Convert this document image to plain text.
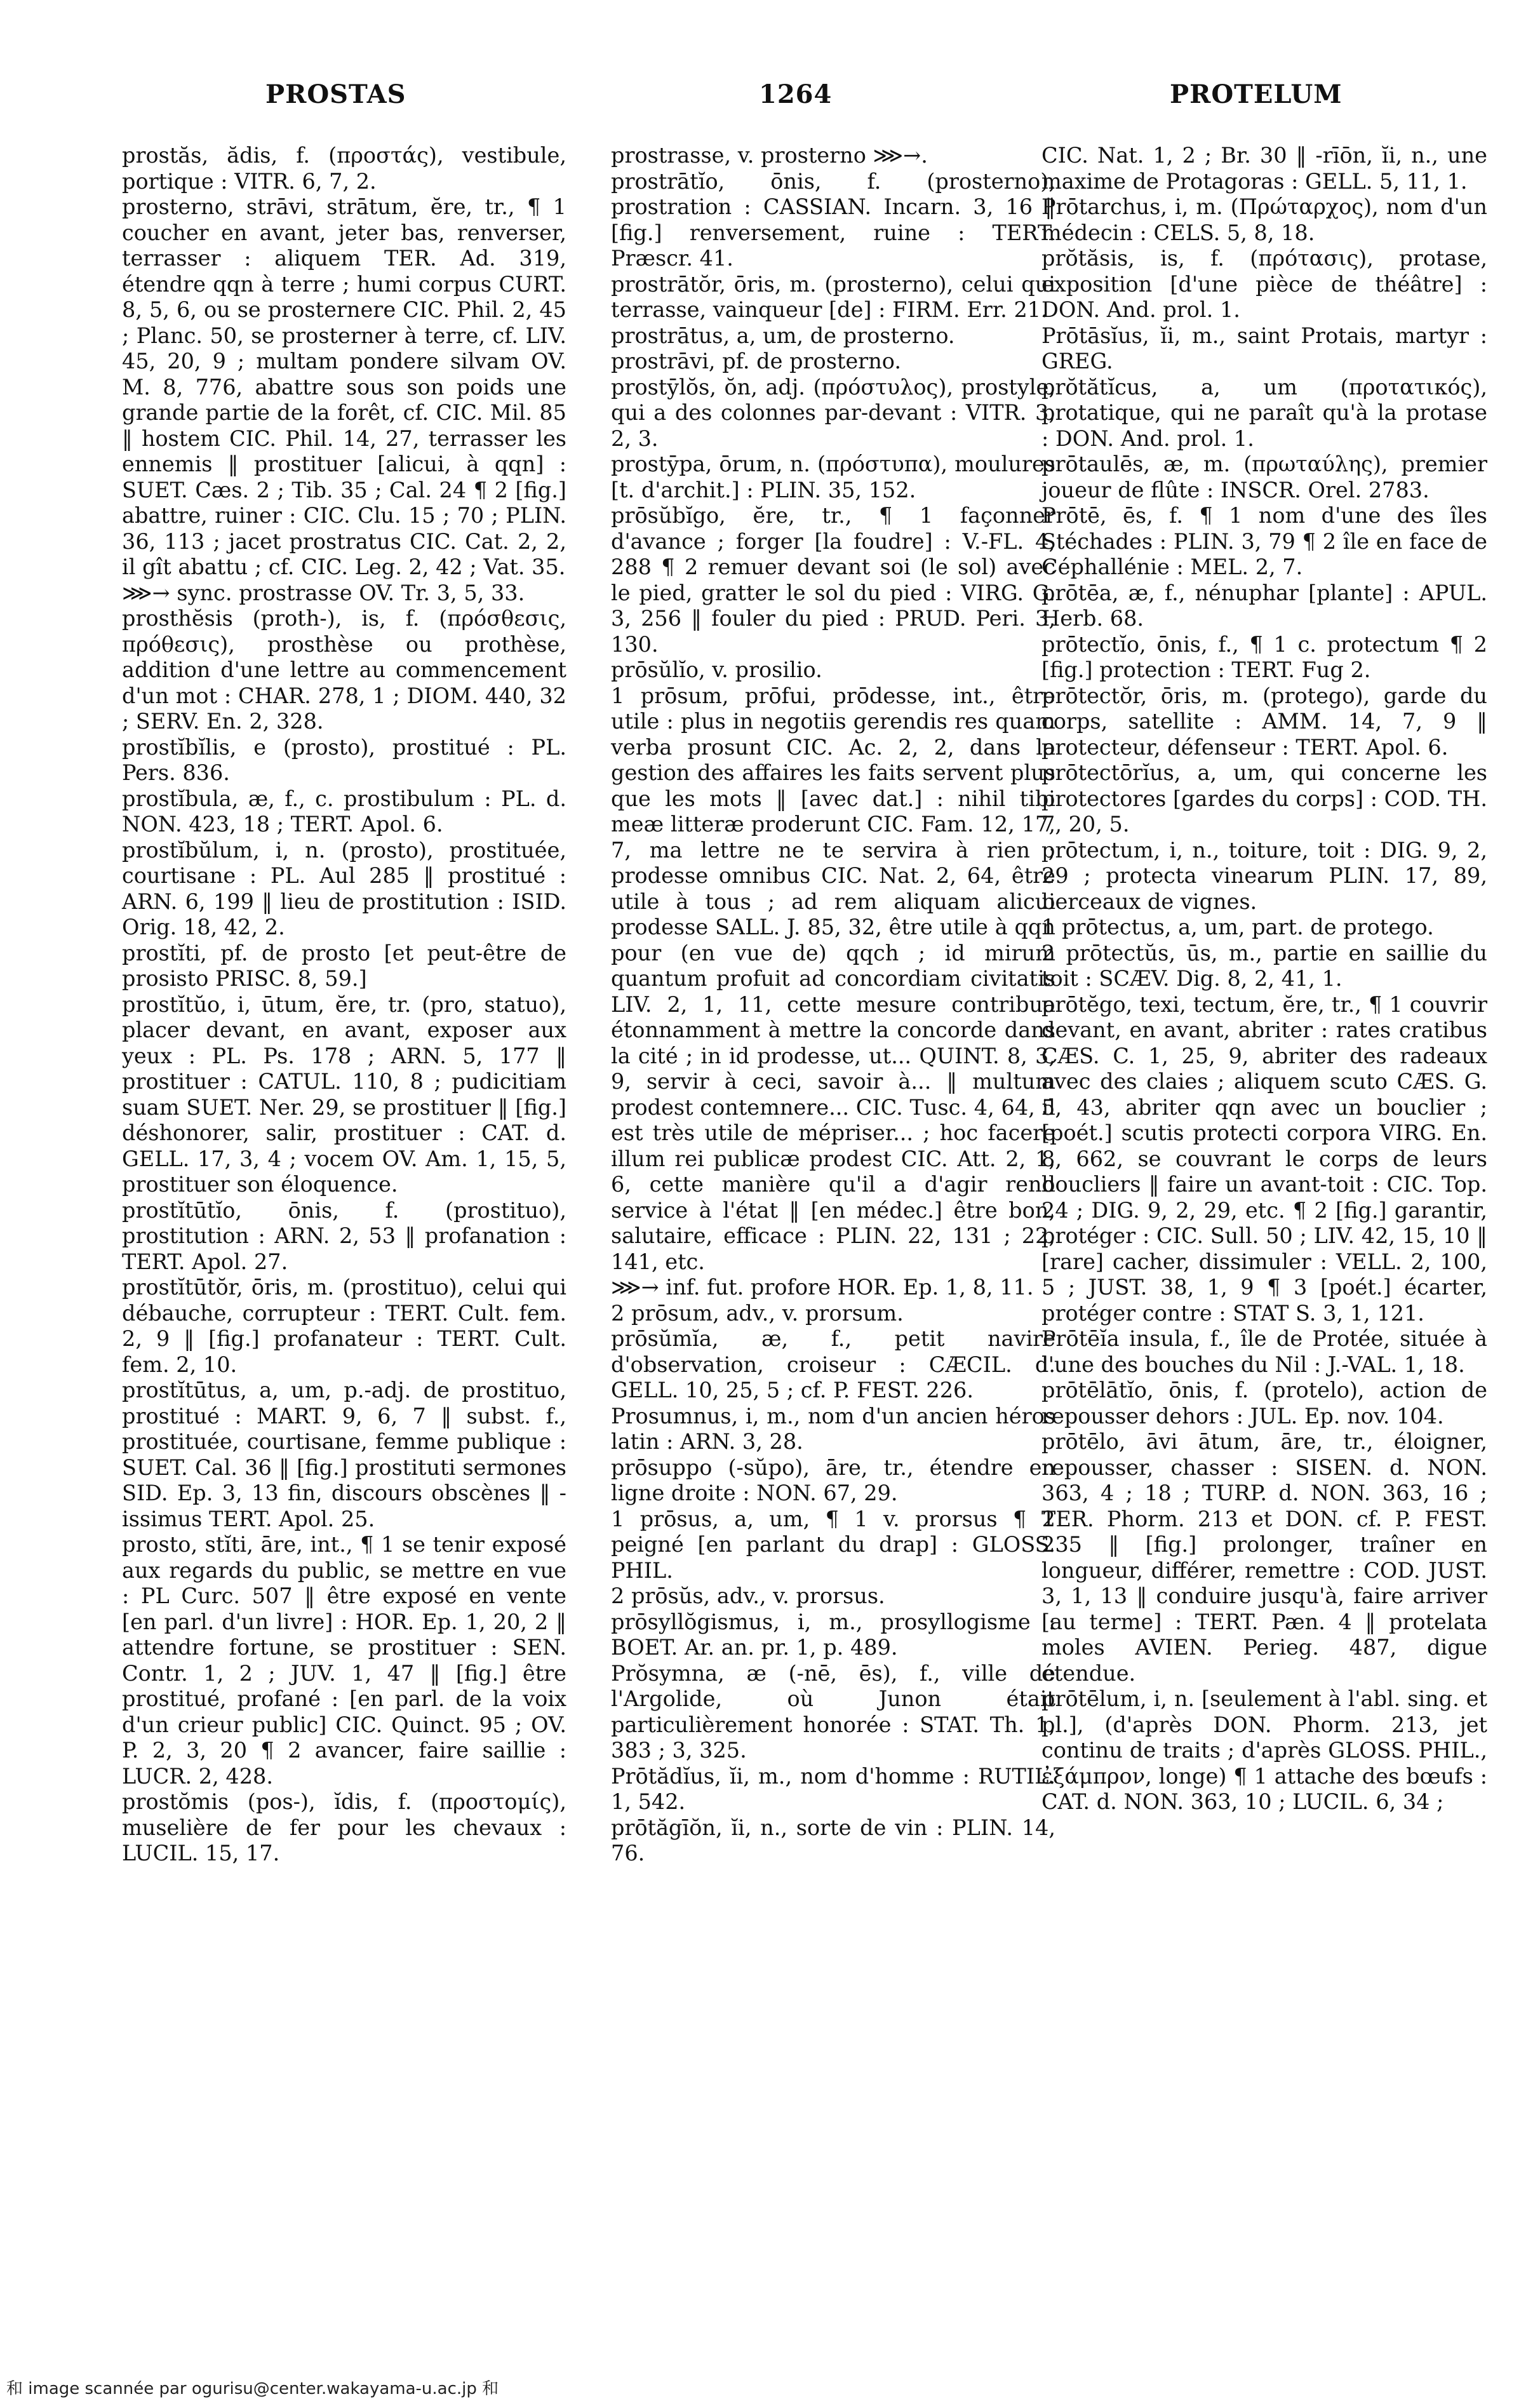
PROSTAS	1264	PROTELUM

prostăs, ădis, f. (προστάς), vestibule, portique : VITR. 6, 7, 2.

prosterno, strāvi, strātum, ĕre, tr., ¶ 1 coucher en avant, jeter bas, renverser, terrasser : aliquem TER. Ad. 319, étendre qqn à terre ; humi corpus CURT. 8, 5, 6, ou se prosternere CIC. Phil. 2, 45 ; Planc. 50, se prosterner à terre, cf. LIV. 45, 20, 9 ; multam pondere silvam OV. M. 8, 776, abattre sous son poids une grande partie de la forêt, cf. CIC. Mil. 85 ‖ hostem CIC. Phil. 14, 27, terrasser les ennemis ‖ prostituer [alicui, à qqn] : SUET. Cæs. 2 ; Tib. 35 ; Cal. 24 ¶ 2 [fig.] abattre, ruiner : CIC. Clu. 15 ; 70 ; PLIN. 36, 113 ; jacet prostratus CIC. Cat. 2, 2, il gît abattu ; cf. CIC. Leg. 2, 42 ; Vat. 35.

⋙→ sync. prostrasse OV. Tr. 3, 5, 33.

prosthĕsis (proth-), is, f. (πρόσθεσις, πρόθεσις), prosthèse ou prothèse, addition d'une lettre au commencement d'un mot : CHAR. 278, 1 ; DIOM. 440, 32 ; SERV. En. 2, 328.

prostĭbĭlis, e (prosto), prostitué : PL. Pers. 836.

prostĭbula, æ, f., c. prostibulum : PL. d. NON. 423, 18 ; TERT. Apol. 6.

prostĭbŭlum, i, n. (prosto), prostituée, courtisane : PL. Aul 285 ‖ prostitué : ARN. 6, 199 ‖ lieu de prostitution : ISID. Orig. 18, 42, 2.

prostĭti, pf. de prosto [et peut-être de prosisto PRISC. 8, 59.]

prostĭtŭo, i, ūtum, ĕre, tr. (pro, statuo), placer devant, en avant, exposer aux yeux : PL. Ps. 178 ; ARN. 5, 177 ‖ prostituer : CATUL. 110, 8 ; pudicitiam suam SUET. Ner. 29, se prostituer ‖ [fig.] déshonorer, salir, prostituer : CAT. d. GELL. 17, 3, 4 ; vocem OV. Am. 1, 15, 5, prostituer son éloquence.

prostĭtūtĭo, ōnis, f. (prostituo), prostitution : ARN. 2, 53 ‖ profanation : TERT. Apol. 27.

prostĭtūtŏr, ōris, m. (prostituo), celui qui débauche, corrupteur : TERT. Cult. fem. 2, 9 ‖ [fig.] profanateur : TERT. Cult. fem. 2, 10.

prostĭtūtus, a, um, p.-adj. de prostituo, prostitué : MART. 9, 6, 7 ‖ subst. f., prostituée, courtisane, femme publique : SUET. Cal. 36 ‖ [fig.] prostituti sermones SID. Ep. 3, 13 fin, discours obscènes ‖ -issimus TERT. Apol. 25.

prosto, stĭti, āre, int., ¶ 1 se tenir exposé aux regards du public, se mettre en vue : PL Curc. 507 ‖ être exposé en vente [en parl. d'un livre] : HOR. Ep. 1, 20, 2 ‖ attendre fortune, se prostituer : SEN. Contr. 1, 2 ; JUV. 1, 47 ‖ [fig.] être prostitué, profané : [en parl. de la voix d'un crieur public] CIC. Quinct. 95 ; OV. P. 2, 3, 20 ¶ 2 avancer, faire saillie : LUCR. 2, 428.

prostŏmis (pos-), ĭdis, f. (προστομίς), muselière de fer pour les chevaux : LUCIL. 15, 17.

prostrasse, v. prosterno ⋙→.

prostrātĭo, ōnis, f. (prosterno), prostration : CASSIAN. Incarn. 3, 16 ‖ [fig.] renversement, ruine : TERT. Præscr. 41.

prostrātŏr, ōris, m. (prosterno), celui qui terrasse, vainqueur [de] : FIRM. Err. 21.

prostrātus, a, um, de prosterno.

prostrāvi, pf. de prosterno.

prostȳlŏs, ŏn, adj. (πρόστυλος), prostyle, qui a des colonnes par-devant : VITR. 3, 2, 3.

prostȳpa, ōrum, n. (πρόστυπα), moulures [t. d'archit.] : PLIN. 35, 152.

prōsŭbĭgo, ĕre, tr., ¶ 1 façonner d'avance ; forger [la foudre] : V.-FL. 4, 288 ¶ 2 remuer devant soi (le sol) avec le pied, gratter le sol du pied : VIRG. G. 3, 256 ‖ fouler du pied : PRUD. Peri. 3, 130.

prōsŭlĭo, v. prosilio.

1 prōsum, prōfui, prōdesse, int., être utile : plus in negotiis gerendis res quam verba prosunt CIC. Ac. 2, 2, dans la gestion des affaires les faits servent plus que les mots ‖ [avec dat.] : nihil tibi meæ litteræ proderunt CIC. Fam. 12, 17, 7, ma lettre ne te servira à rien ; prodesse omnibus CIC. Nat. 2, 64, être utile à tous ; ad rem aliquam alicui prodesse SALL. J. 85, 32, être utile à qqn pour (en vue de) qqch ; id mirum quantum profuit ad concordiam civitatis LIV. 2, 1, 11, cette mesure contribua étonnamment à mettre la concorde dans la cité ; in id prodesse, ut... QUINT. 8, 3, 9, servir à ceci, savoir à... ‖ multum prodest contemnere... CIC. Tusc. 4, 64, il est très utile de mépriser... ; hoc facere illum rei publicæ prodest CIC. Att. 2, 1, 6, cette manière qu'il a d'agir rend service à l'état ‖ [en médec.] être bon, salutaire, efficace : PLIN. 22, 131 ; 22, 141, etc.

⋙→ inf. fut. profore HOR. Ep. 1, 8, 11.

2 prōsum, adv., v. prorsum.

prōsŭmĭa, æ, f., petit navire d'observation, croiseur : CÆCIL. d. GELL. 10, 25, 5 ; cf. P. FEST. 226.

Prosumnus, i, m., nom d'un ancien héros latin : ARN. 3, 28.

prōsuppo (-sŭpo), āre, tr., étendre en ligne droite : NON. 67, 29.

1 prōsus, a, um, ¶ 1 v. prorsus ¶ 2 peigné [en parlant du drap] : GLOSS. PHIL.

2 prōsŭs, adv., v. prorsus.

prōsyllŏgismus, i, m., prosyllogisme : BOET. Ar. an. pr. 1, p. 489.

Prŏsymna, æ (-nē, ēs), f., ville de l'Argolide, où Junon était particulièrement honorée : STAT. Th. 1, 383 ; 3, 325.

Prōtădĭus, ĭi, m., nom d'homme : RUTIL. 1, 542.

prōtăgīŏn, ĭi, n., sorte de vin : PLIN. 14, 76.

CIC. Nat. 1, 2 ; Br. 30 ‖ -rīōn, ĭi, n., une maxime de Protagoras : GELL. 5, 11, 1.

Prōtarchus, i, m. (Πρώταρχος), nom d'un médecin : CELS. 5, 8, 18.

prŏtăsis, is, f. (πρότασις), protase, exposition [d'une pièce de théâtre] : DON. And. prol. 1.

Prōtāsĭus, ĭi, m., saint Protais, martyr : GREG.

prŏtătĭcus, a, um (προτατικός), protatique, qui ne paraît qu'à la protase : DON. And. prol. 1.

prōtaulēs, æ, m. (πρωταύλης), premier joueur de flûte : INSCR. Orel. 2783.

Prōtē, ēs, f. ¶ 1 nom d'une des îles Stéchades : PLIN. 3, 79 ¶ 2 île en face de Céphallénie : MEL. 2, 7.

prōtēa, æ, f., nénuphar [plante] : APUL. Herb. 68.

prōtectĭo, ōnis, f., ¶ 1 c. protectum ¶ 2 [fig.] protection : TERT. Fug 2.

prōtectŏr, ōris, m. (protego), garde du corps, satellite : AMM. 14, 7, 9 ‖ protecteur, défenseur : TERT. Apol. 6.

prōtectōrĭus, a, um, qui concerne les protectores [gardes du corps] : COD. TH. 7, 20, 5.

prōtectum, i, n., toiture, toit : DIG. 9, 2, 29 ; protecta vinearum PLIN. 17, 89, berceaux de vignes.

1 prōtectus, a, um, part. de protego.

2 prōtectŭs, ūs, m., partie en saillie du toit : SCÆV. Dig. 8, 2, 41, 1.

prōtĕgo, texi, tectum, ĕre, tr., ¶ 1 couvrir devant, en avant, abriter : rates cratibus CÆS. C. 1, 25, 9, abriter des radeaux avec des claies ; aliquem scuto CÆS. G. 5, 43, abriter qqn avec un bouclier ; [poét.] scutis protecti corpora VIRG. En. 8, 662, se couvrant le corps de leurs boucliers ‖ faire un avant-toit : CIC. Top. 24 ; DIG. 9, 2, 29, etc. ¶ 2 [fig.] garantir, protéger : CIC. Sull. 50 ; LIV. 42, 15, 10 ‖ [rare] cacher, dissimuler : VELL. 2, 100, 5 ; JUST. 38, 1, 9 ¶ 3 [poét.] écarter, protéger contre : STAT S. 3, 1, 121.

Prōtēĭa insula, f., île de Protée, située à l'une des bouches du Nil : J.-VAL. 1, 18.

prōtēlātĭo, ōnis, f. (protelo), action de repousser dehors : JUL. Ep. nov. 104.

prōtēlo, āvi ātum, āre, tr., éloigner, repousser, chasser : SISEN. d. NON. 363, 4 ; 18 ; TURP. d. NON. 363, 16 ; TER. Phorm. 213 et DON. cf. P. FEST. 235 ‖ [fig.] prolonger, traîner en longueur, différer, remettre : COD. JUST. 3, 1, 13 ‖ conduire jusqu'à, faire arriver [au terme] : TERT. Pæn. 4 ‖ protelata moles AVIEN. Perieg. 487, digue étendue.

prōtēlum, i, n. [seulement à l'abl. sing. et pl.], (d'après DON. Phorm. 213, jet continu de traits ; d'après GLOSS. PHIL., ἐξάμπρον, longe) ¶ 1 attache des bœufs : CAT. d. NON. 363, 10 ; LUCIL. 6, 34 ;

和 image scannée par ogurisu@center.wakayama-u.ac.jp 和
